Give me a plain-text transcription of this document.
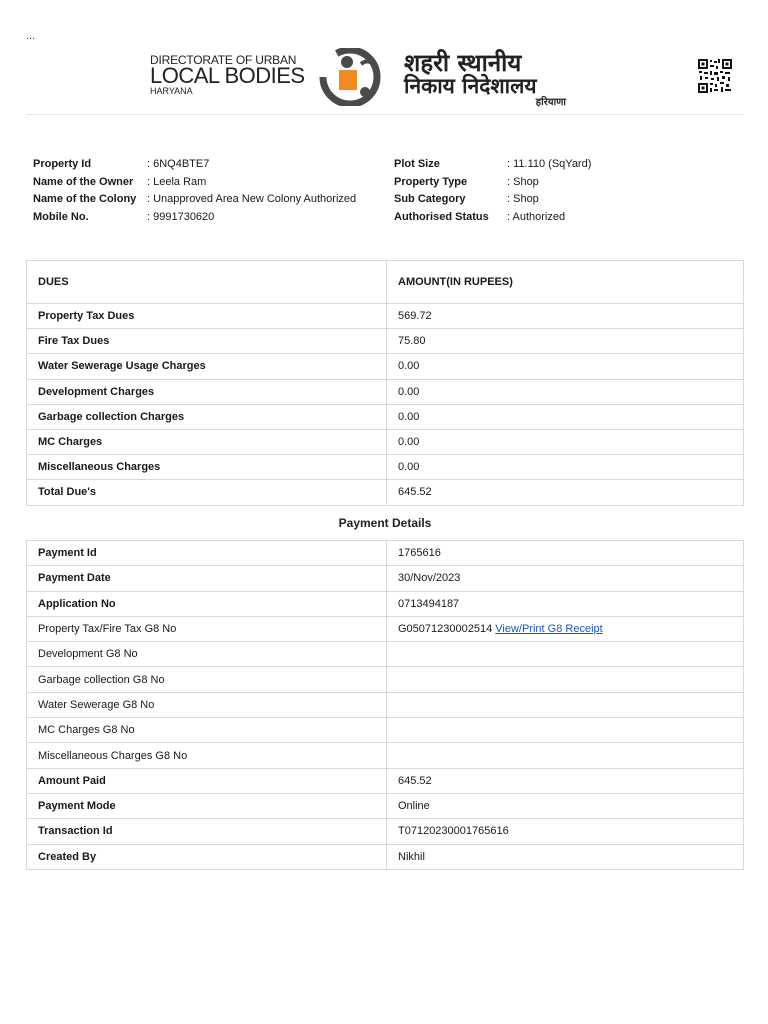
...
DIRECTORATE OF URBAN
LOCAL BODIES
HARYANA
शहरी स्थानीय
निकाय निदेशालय
हरियाणा
Property Id	: 6NQ4BTE7
Name of the Owner	: Leela Ram
Name of the Colony : Unapproved Area New Colony Authorized
Mobile No.	: 9991730620
Plot Size	: 11.110 (SqYard)
Property Type	: Shop
Sub Category	: Shop
Authorised Status	: Authorized
DUES	AMOUNT(IN RUPEES)
Property Tax Dues	569.72
Fire Tax Dues	75.80
Water Sewerage Usage Charges	0.00
Development Charges	0.00
Garbage collection Charges	0.00
MC Charges	0.00
Miscellaneous Charges	0.00
Total Due's	645.52
Payment Details
Payment Id	1765616
Payment Date	30/Nov/2023
Application No	0713494187
Property Tax/Fire Tax G8 No	G05071230002514 View/Print G8 Receipt
Development G8 No	
Garbage collection G8 No	
Water Sewerage G8 No	
MC Charges G8 No	
Miscellaneous Charges G8 No	
Amount Paid	645.52
Payment Mode	Online
Transaction Id	T07120230001765616
Created By	Nikhil
